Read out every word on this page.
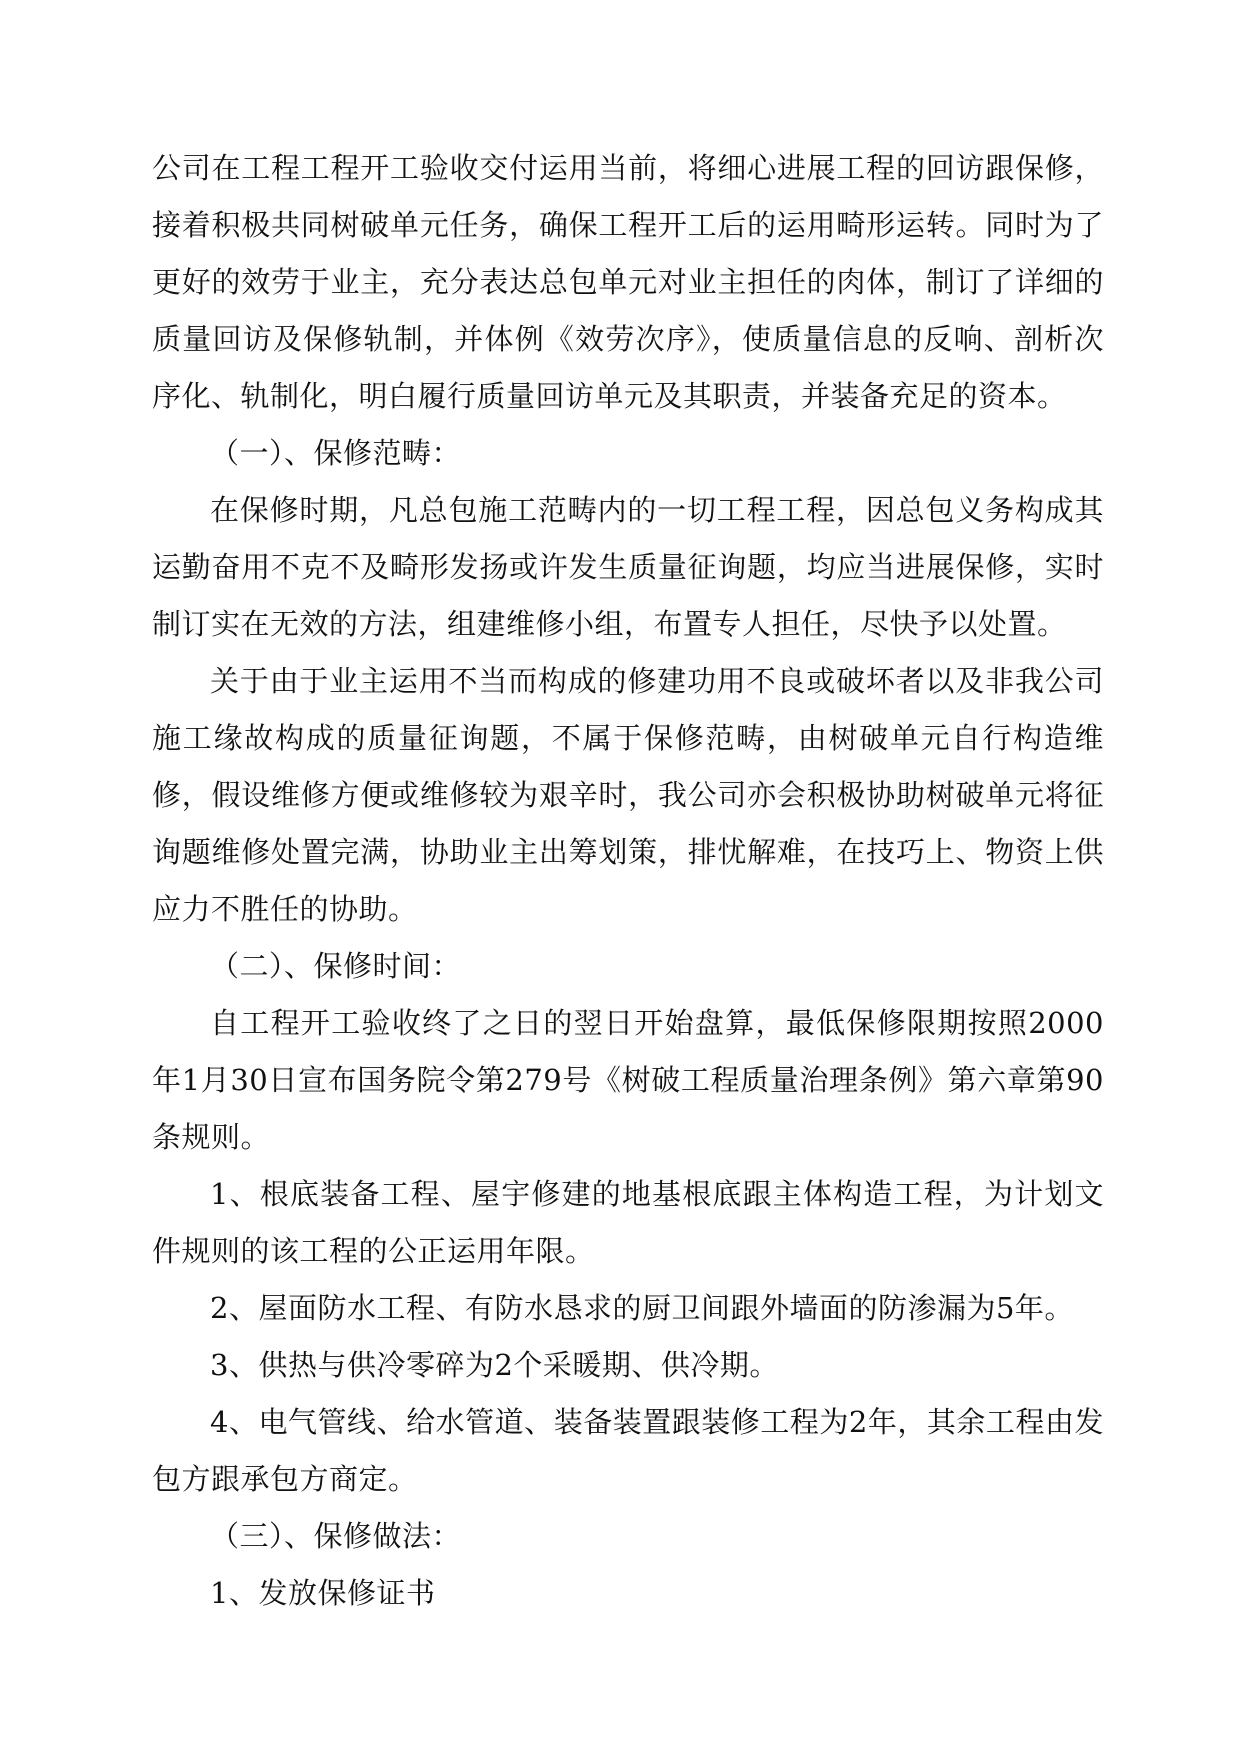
公司在工程工程开工验收交付运用当前，将细心进展工程的回访跟保修，接着积极共同树破单元任务，确保工程开工后的运用畸形运转。同时为了更好的效劳于业主，充分表达总包单元对业主担任的肉体，制订了详细的质量回访及保修轨制，并体例《效劳次序》，使质量信息的反响、剖析次序化、轨制化，明白履行质量回访单元及其职责，并装备充足的资本。

（一）、保修范畴：

在保修时期，凡总包施工范畴内的一切工程工程，因总包义务构成其运勤奋用不克不及畸形发扬或许发生质量征询题，均应当进展保修，实时制订实在无效的方法，组建维修小组，布置专人担任，尽快予以处置。

关于由于业主运用不当而构成的修建功用不良或破坏者以及非我公司施工缘故构成的质量征询题，不属于保修范畴，由树破单元自行构造维修，假设维修方便或维修较为艰辛时，我公司亦会积极协助树破单元将征询题维修处置完满，协助业主出筹划策，排忧解难，在技巧上、物资上供应力不胜任的协助。

（二）、保修时间：

自工程开工验收终了之日的翌日开始盘算，最低保修限期按照2000年1月30日宣布国务院令第279号《树破工程质量治理条例》第六章第90条规则。

1、根底装备工程、屋宇修建的地基根底跟主体构造工程，为计划文件规则的该工程的公正运用年限。

2、屋面防水工程、有防水恳求的厨卫间跟外墙面的防渗漏为5年。

3、供热与供冷零碎为2个采暖期、供冷期。

4、电气管线、给水管道、装备装置跟装修工程为2年，其余工程由发包方跟承包方商定。

（三）、保修做法：

1、发放保修证书
